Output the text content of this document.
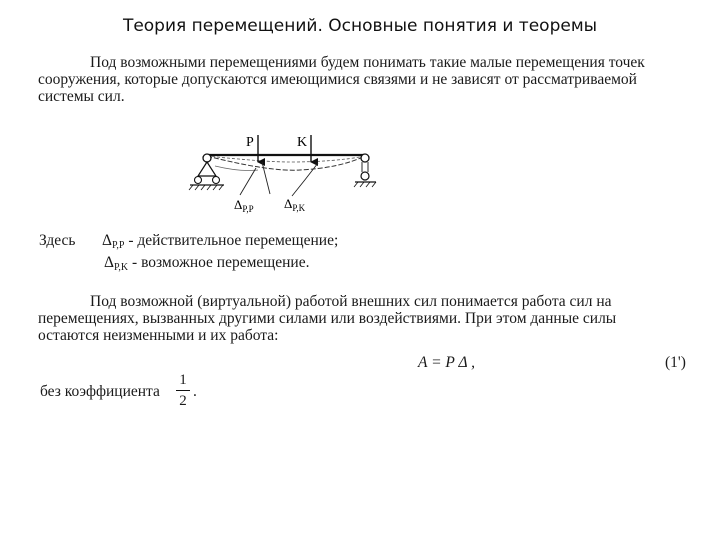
Теория перемещений. Основные понятия и теоремы
Под возможными перемещениями будем понимать такие малые перемещения точек
сооружения, которые допускаются имеющимися связями и не зависят от рассматриваемой
системы сил.
P	K
$\Delta_{P,P}$ $\Delta_{P,K}$
Здесь $\Delta_{P,P}$ - действительное перемещение;
$\Delta_{P,K}$ - возможное перемещение.
Под возможной (виртуальной) работой внешних сил понимается работа сил на
перемещениях, вызванных другими силами или воздействиями. При этом данные силы
остаются неизменными и их работа:
A = P Δ ,	(1')
без коэффициента
1
2
.
